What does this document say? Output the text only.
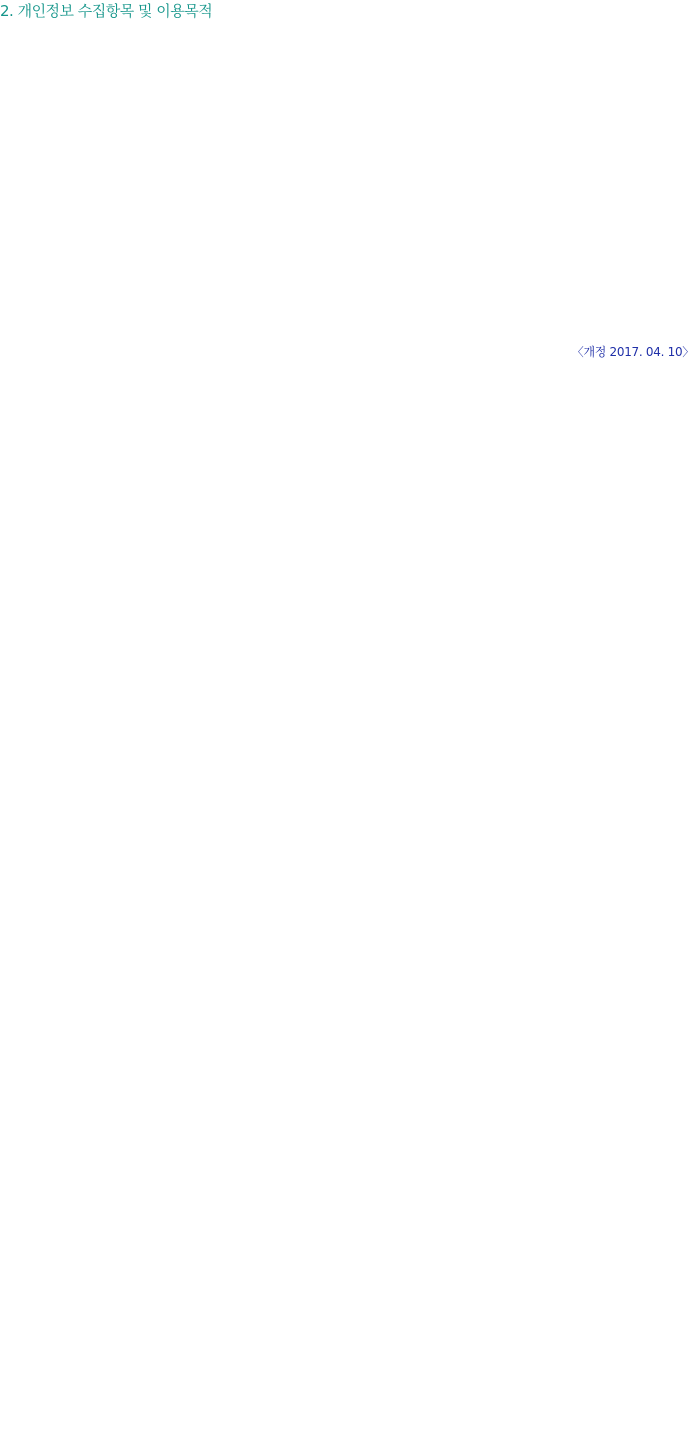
2. 개인정보 수집항목 및 이용목적

〈개정 2017. 04. 10〉
